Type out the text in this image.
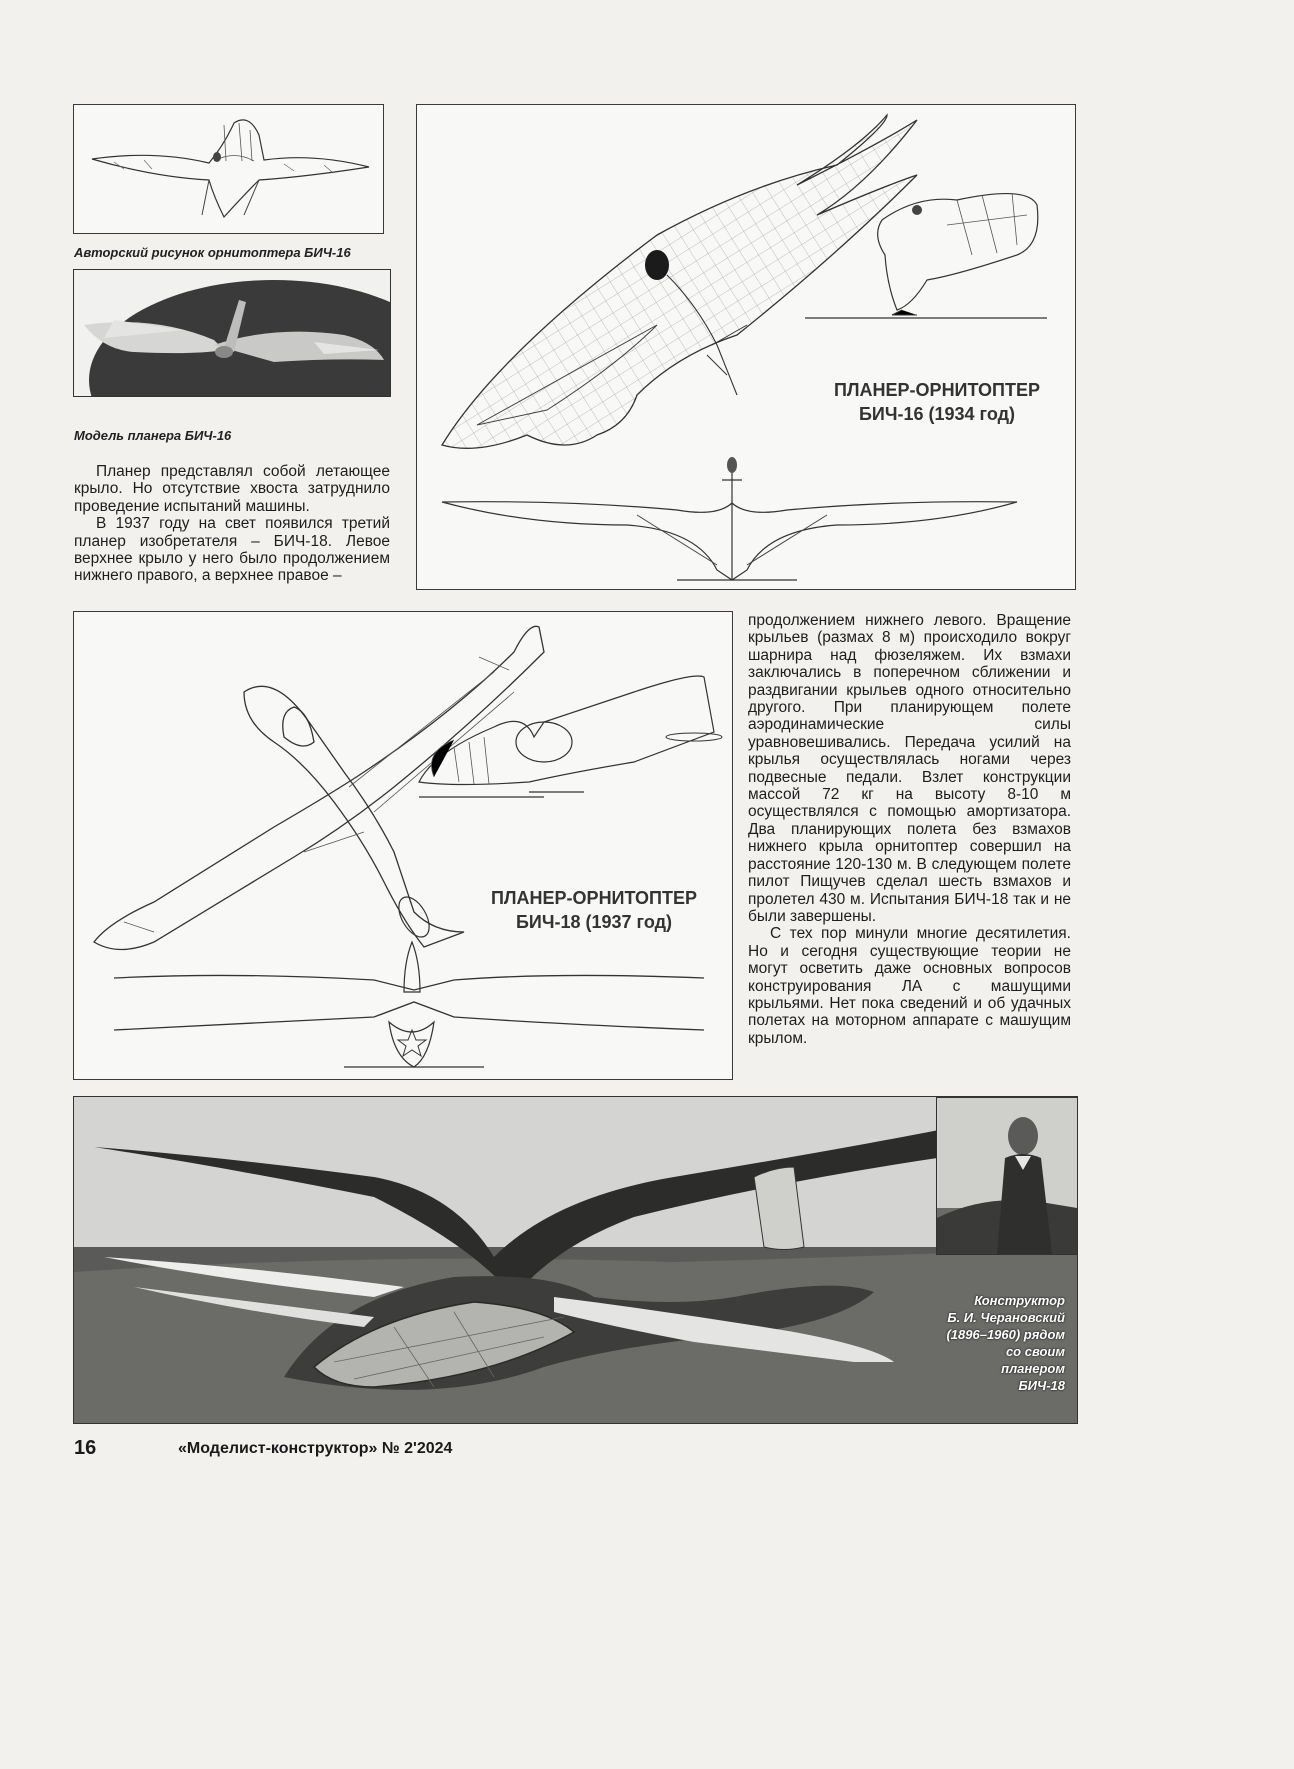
Авторский рисунок орнитоптера БИЧ-16
Модель планера БИЧ-16
ПЛАНЕР-ОРНИТОПТЕР
БИЧ-16 (1934 год)

Планер представлял собой летающее крыло. Но отсутствие хвоста затруднило проведение испытаний машины.

В 1937 году на свет появился третий планер изобретателя – БИЧ-18. Левое верхнее крыло у него было продолжением нижнего правого, а верхнее правое –

ПЛАНЕР-ОРНИТОПТЕР
БИЧ-18 (1937 год)

продолжением нижнего левого. Вращение крыльев (размах 8 м) происходило вокруг шарнира над фюзеляжем. Их взмахи заключались в поперечном сближении и раздвигании крыльев одного относительно другого. При планирующем полете аэродинамические силы уравновешивались. Передача усилий на крылья осуществлялась ногами через подвесные педали. Взлет конструкции массой 72 кг на высоту 8-10 м осуществлялся с помощью амортизатора. Два планирующих полета без взмахов нижнего крыла орнитоптер совершил на расстояние 120-130 м. В следующем полете пилот Пищучев сделал шесть взмахов и пролетел 430 м. Испытания БИЧ-18 так и не были завершены.

С тех пор минули многие десятилетия. Но и сегодня существующие теории не могут осветить даже основных вопросов конструирования ЛА с машущими крыльями. Нет пока сведений и об удачных полетах на моторном аппарате с машущим крылом.

Конструктор
Б. И. Черановский
(1896–1960) рядом
со своим
планером
БИЧ-18
16	«Моделист-конструктор» № 2'2024
